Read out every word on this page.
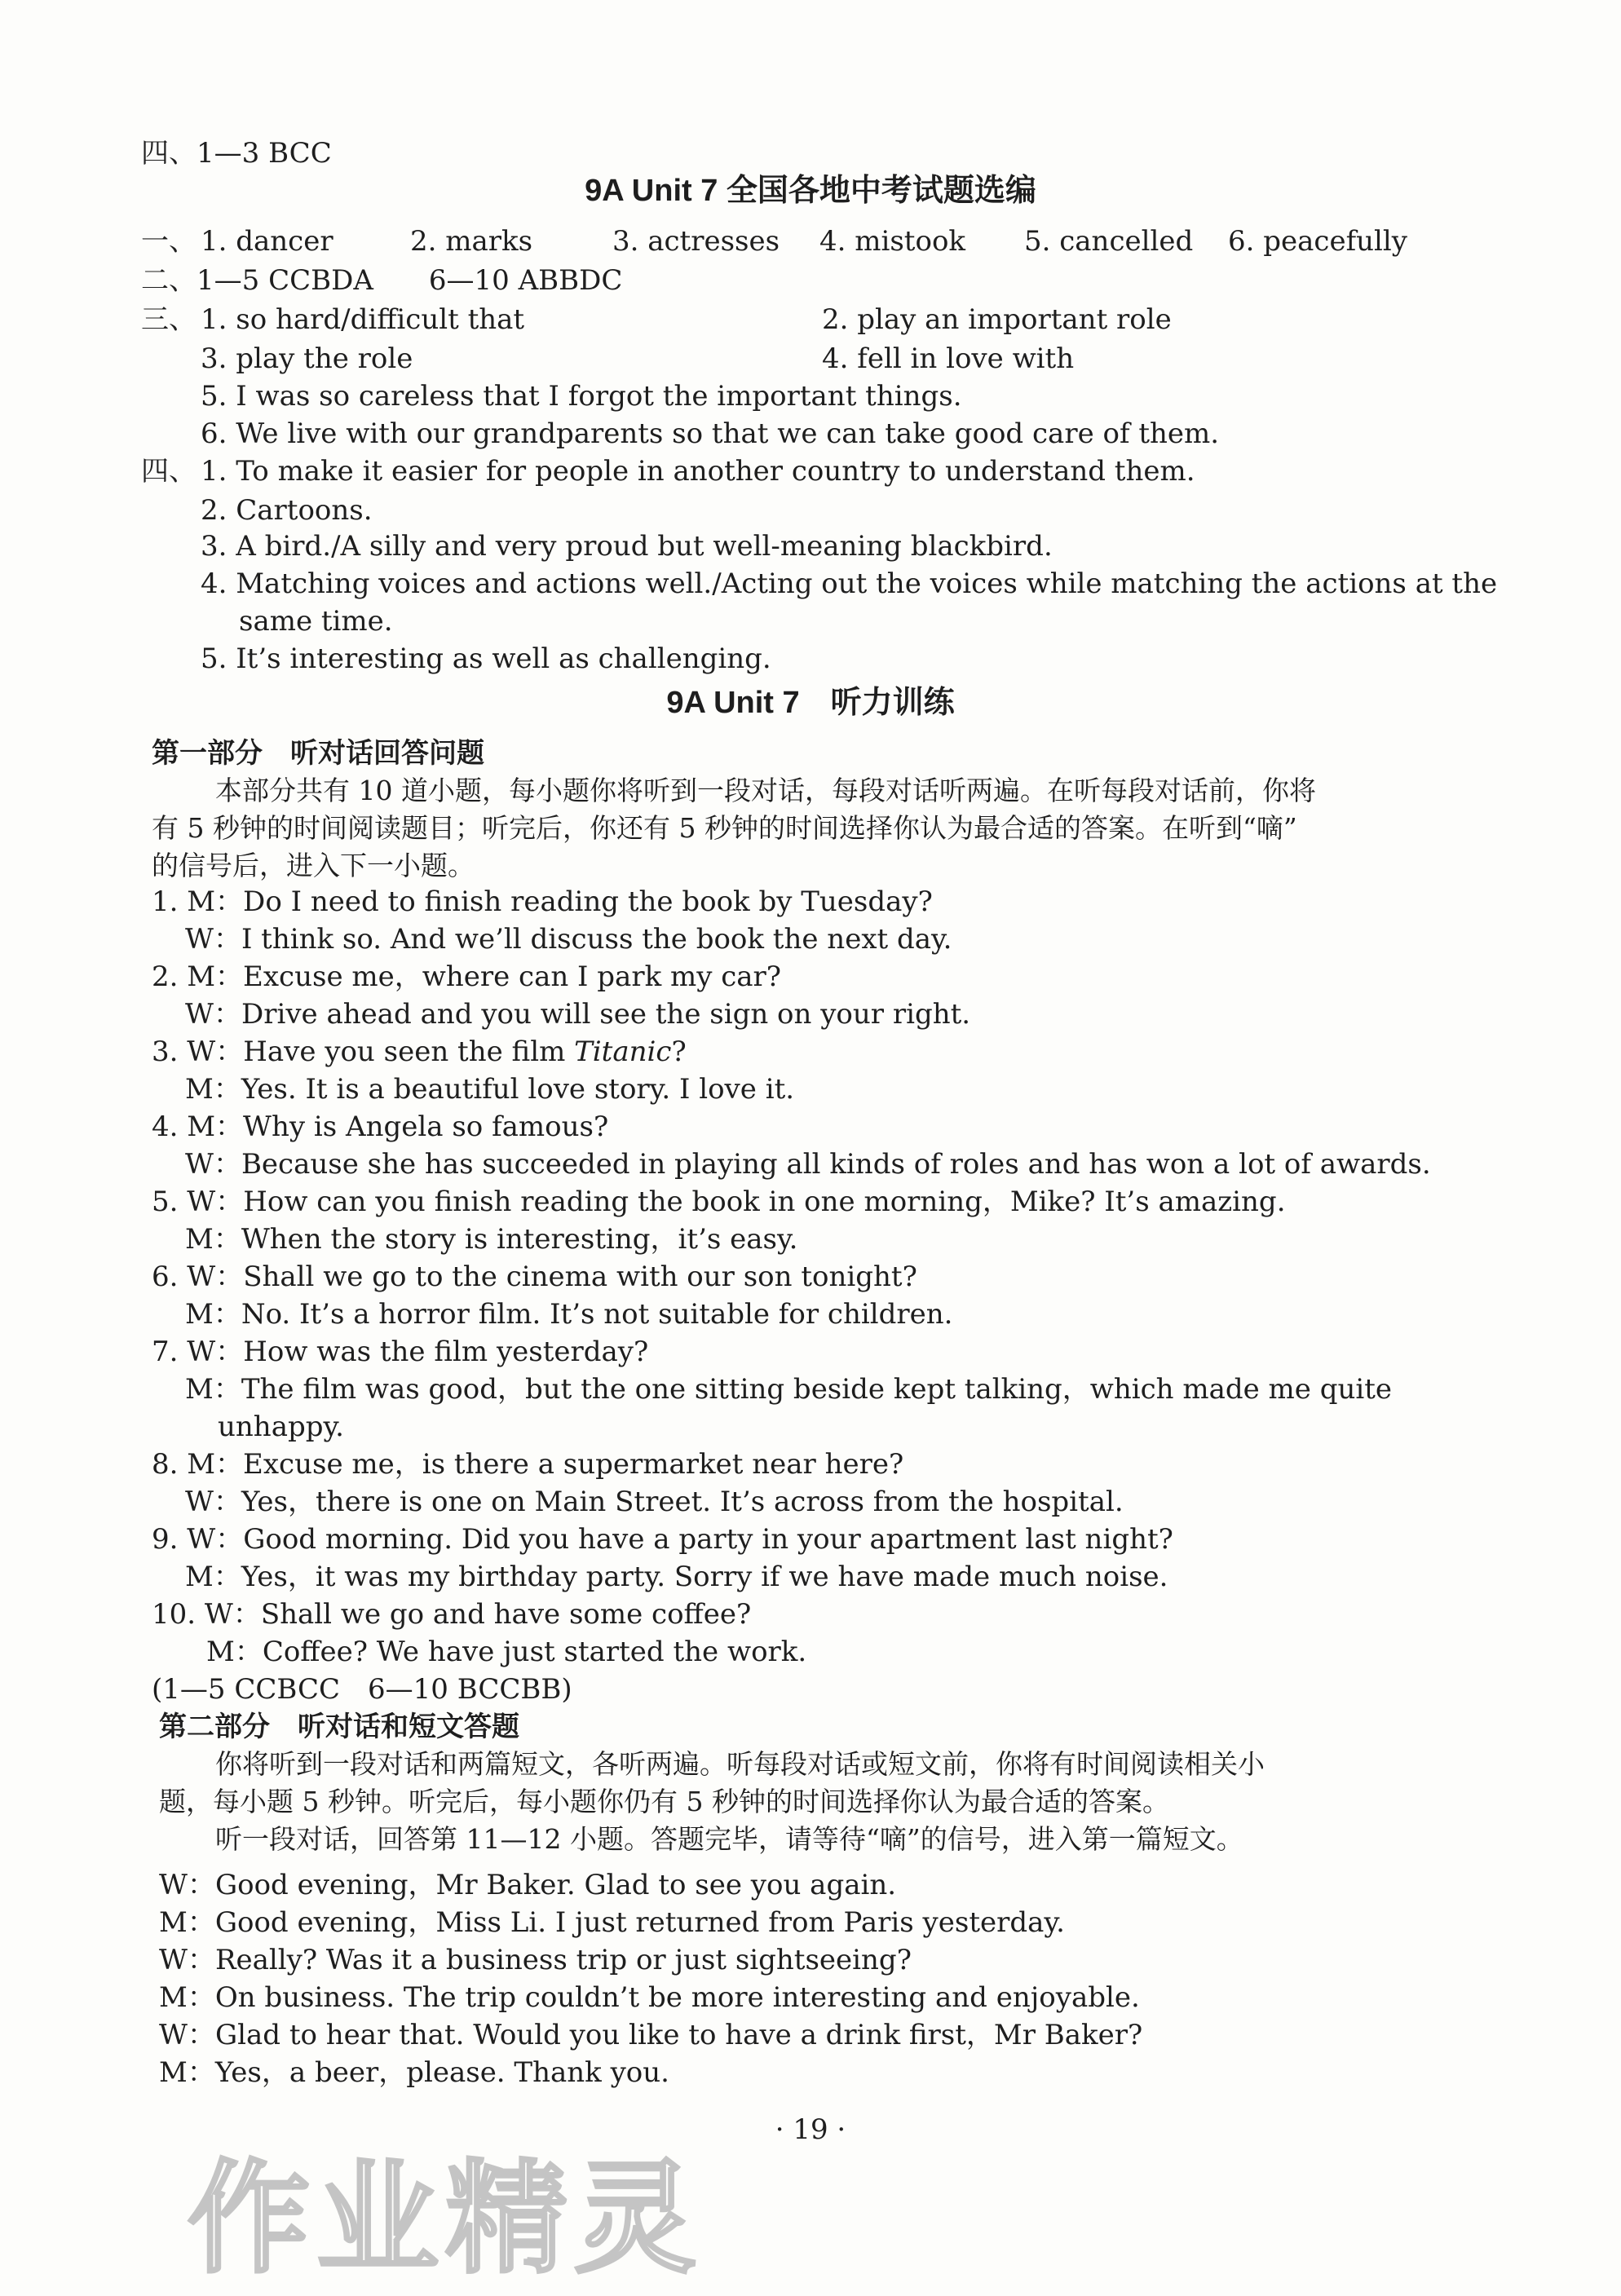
四、1—3 BCC
9A Unit 7 全国各地中考试题选编
一、 1. dancer	2. marks	3. actresses 4. mistook 5. cancelled 6. peacefully
二、1—5 CCBDA　　6—10 ABBDC
三、 1. so hard/difficult that	2. play an important role
3. play the role	4. fell in love with
5. I was so careless that I forgot the important things.
6. We live with our grandparents so that we can take good care of them.
四、 1. To make it easier for people in another country to understand them.
2. Cartoons.
3. A bird./A silly and very proud but well-meaning blackbird.
4. Matching voices and actions well./Acting out the voices while matching the actions at the
same time.
5. It’s interesting as well as challenging.
9A Unit 7　听力训练
第一部分　听对话回答问题
本部分共有 10 道小题，每小题你将听到一段对话，每段对话听两遍。在听每段对话前，你将
有 5 秒钟的时间阅读题目；听完后，你还有 5 秒钟的时间选择你认为最合适的答案。在听到“嘀”
的信号后，进入下一小题。
1. M：Do I need to finish reading the book by Tuesday?
W：I think so. And we’ll discuss the book the next day.
2. M：Excuse me，where can I park my car?
W：Drive ahead and you will see the sign on your right.
3. W：Have you seen the film Titanic?
M：Yes. It is a beautiful love story. I love it.
4. M：Why is Angela so famous?
W：Because she has succeeded in playing all kinds of roles and has won a lot of awards.
5. W：How can you finish reading the book in one morning，Mike? It’s amazing.
M：When the story is interesting，it’s easy.
6. W：Shall we go to the cinema with our son tonight?
M：No. It’s a horror film. It’s not suitable for children.
7. W：How was the film yesterday?
M：The film was good，but the one sitting beside kept talking，which made me quite
unhappy.
8. M：Excuse me，is there a supermarket near here?
W：Yes，there is one on Main Street. It’s across from the hospital.
9. W：Good morning. Did you have a party in your apartment last night?
M：Yes，it was my birthday party. Sorry if we have made much noise.
10. W：Shall we go and have some coffee?
M：Coffee? We have just started the work.
(1—5 CCBCC　6—10 BCCBB)
第二部分　听对话和短文答题
你将听到一段对话和两篇短文，各听两遍。听每段对话或短文前，你将有时间阅读相关小
题，每小题 5 秒钟。听完后，每小题你仍有 5 秒钟的时间选择你认为最合适的答案。
听一段对话，回答第 11—12 小题。答题完毕，请等待“嘀”的信号，进入第一篇短文。
W：Good evening，Mr Baker. Glad to see you again.
M：Good evening，Miss Li. I just returned from Paris yesterday.
W：Really? Was it a business trip or just sightseeing?
M：On business. The trip couldn’t be more interesting and enjoyable.
W：Glad to hear that. Would you like to have a drink first，Mr Baker?
M：Yes，a beer，please. Thank you.
· 19 ·
作业精灵
